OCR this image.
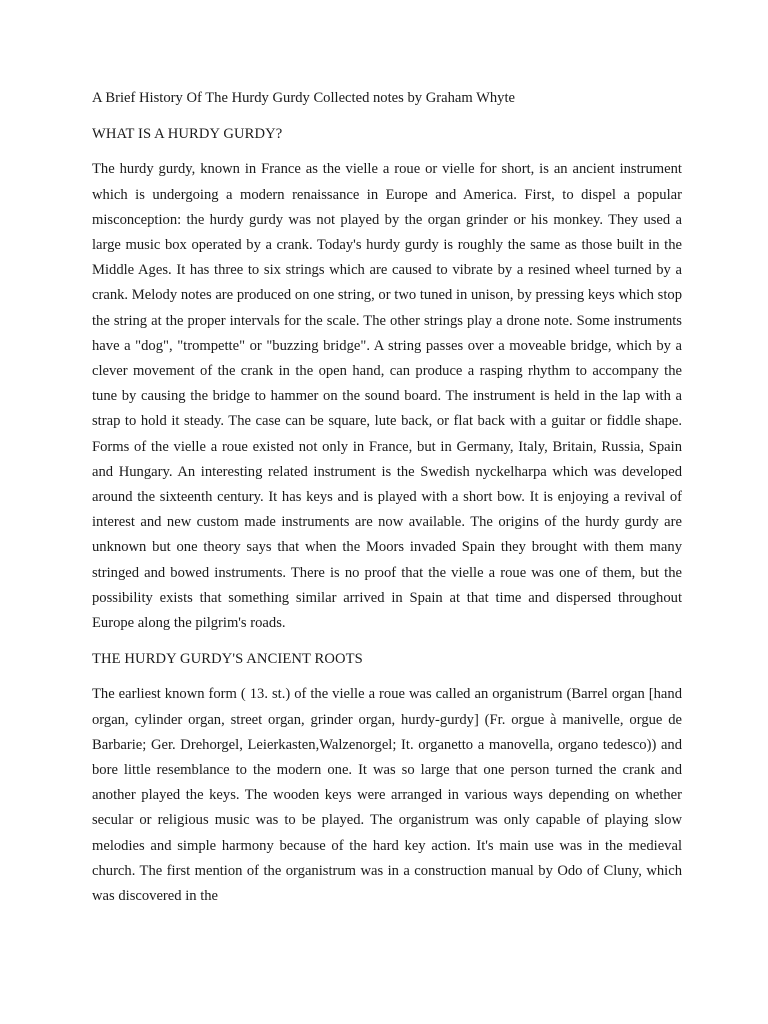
A Brief History Of The Hurdy Gurdy Collected notes by Graham Whyte
WHAT IS A HURDY GURDY?
The hurdy gurdy, known in France as the vielle a roue or vielle for short, is an ancient instrument which is undergoing a modern renaissance in Europe and America. First, to dispel a popular misconception: the hurdy gurdy was not played by the organ grinder or his monkey. They used a large music box operated by a crank. Today's hurdy gurdy is roughly the same as those built in the Middle Ages. It has three to six strings which are caused to vibrate by a resined wheel turned by a crank. Melody notes are produced on one string, or two tuned in unison, by pressing keys which stop the string at the proper intervals for the scale. The other strings play a drone note. Some instruments have a "dog", "trompette" or "buzzing bridge". A string passes over a moveable bridge, which by a clever movement of the crank in the open hand, can produce a rasping rhythm to accompany the tune by causing the bridge to hammer on the sound board. The instrument is held in the lap with a strap to hold it steady. The case can be square, lute back, or flat back with a guitar or fiddle shape. Forms of the vielle a roue existed not only in France, but in Germany, Italy, Britain, Russia, Spain and Hungary. An interesting related instrument is the Swedish nyckelharpa which was developed around the sixteenth century. It has keys and is played with a short bow. It is enjoying a revival of interest and new custom made instruments are now available. The origins of the hurdy gurdy are unknown but one theory says that when the Moors invaded Spain they brought with them many stringed and bowed instruments. There is no proof that the vielle a roue was one of them, but the possibility exists that something similar arrived in Spain at that time and dispersed throughout Europe along the pilgrim's roads.
THE HURDY GURDY'S ANCIENT ROOTS
The earliest known form ( 13. st.) of the vielle a roue was called an organistrum (Barrel organ [hand organ, cylinder organ, street organ, grinder organ, hurdy-gurdy] (Fr. orgue à manivelle, orgue de Barbarie; Ger. Drehorgel, Leierkasten,Walzenorgel; It. organetto a manovella, organo tedesco)) and bore little resemblance to the modern one. It was so large that one person turned the crank and another played the keys. The wooden keys were arranged in various ways depending on whether secular or religious music was to be played. The organistrum was only capable of playing slow melodies and simple harmony because of the hard key action. It's main use was in the medieval church. The first mention of the organistrum was in a construction manual by Odo of Cluny, which was discovered in the
